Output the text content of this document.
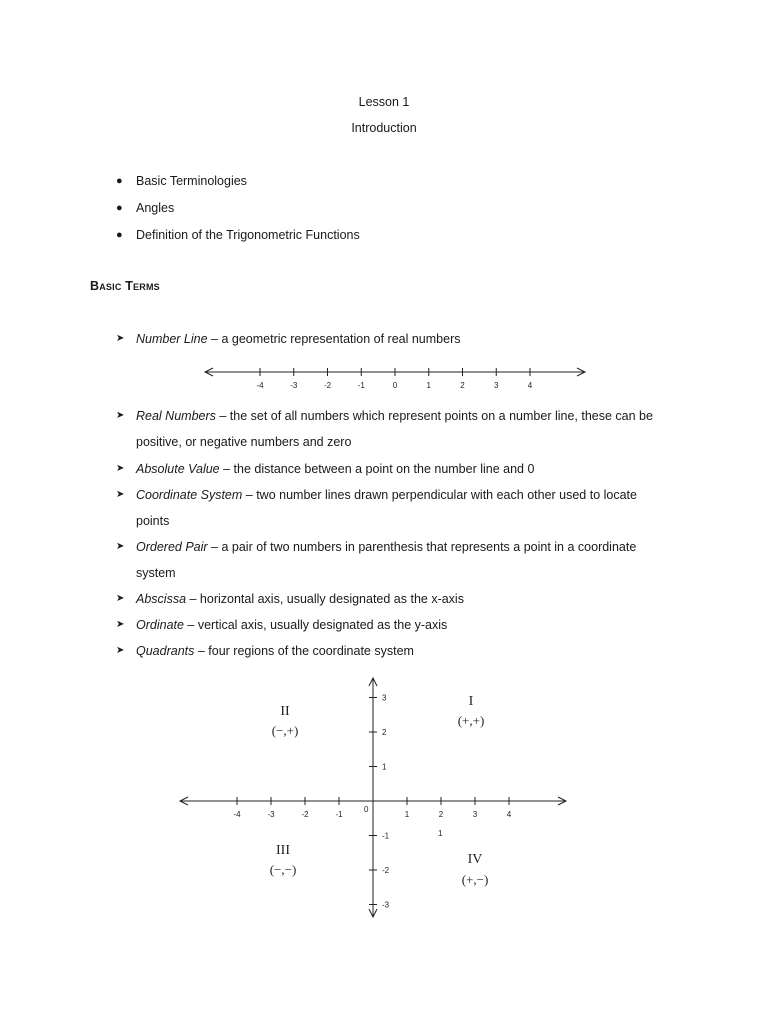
Lesson 1
Introduction
● Basic Terminologies
● Angles
● Definition of the Trigonometric Functions
Basic Terms
➤ Number Line – a geometric representation of real numbers
-4	-3	-2	-1	0	1	2	3	4
➤ Real Numbers – the set of all numbers which represent points on a number line, these can be
positive, or negative numbers and zero
➤ Absolute Value – the distance between a point on the number line and 0
➤ Coordinate System – two number lines drawn perpendicular with each other used to locate
points
➤ Ordered Pair – a pair of two numbers in parenthesis that represents a point in a coordinate
system
➤ Abscissa – horizontal axis, usually designated as the x-axis
➤ Ordinate – vertical axis, usually designated as the y-axis
➤ Quadrants – four regions of the coordinate system
-4	-3	-2	-1	1	2	3	4
3
2
1
-1
-2
-3
0
1
I
(+,+)
II
(−,+)
III
(−,−)
IV
(+,−)
